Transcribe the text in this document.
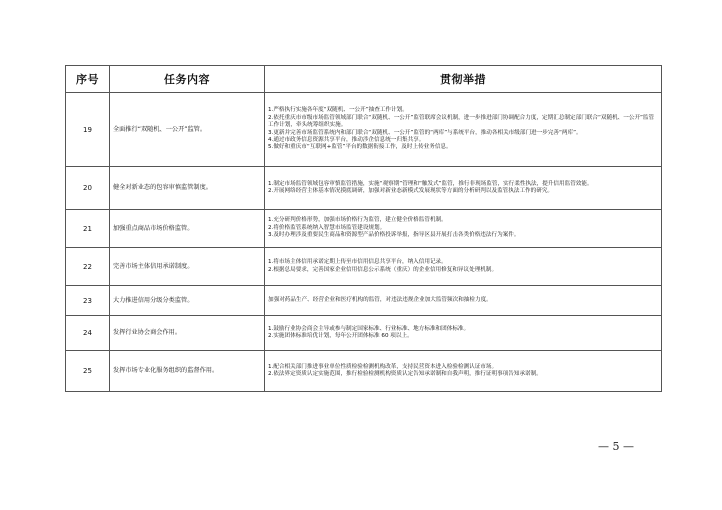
序号	任务内容	贯彻举措
19	全面推行“双随机、一公开”监管。	1.严格执行实施各年度“双随机、一公开”抽查工作计划。
2.依托重庆市市级市场监管领域部门联合“双随机、一公开”监管联席会议机制，进一步推进部门协调配合力度，定期汇总制定部门联合“双随机、一公开”监管工作计划，牵头统筹组织实施。
3.更新并完善市场监管系统内和部门联合“双随机、一公开”监管的“两库”与系统平台，推动各相关市级部门进一步完善“两库”。
4.通过市政务信息资源共享平台，推动涉企信息统一归集共享。
5.做好和重庆市“互联网+监管”平台的数据衔接工作，及时上传业务信息。

20	健全对新业态的包容审慎监管制度。	1.制定市场监管领域包容审慎监管措施，实施“观察期”管理和“触发式”监管，推行非现场监管，实行柔性执法，提升信用监管效能。
2.开展网络经营主体基本情况摸底调研，加强对新业态新模式发展现状等方面的分析研判以及监管执法工作的研究。

21	加强重点商品市场价格监管。	1.充分研判价格形势，加强市场价格行为监管，建立健全价格监管机制。
2.将价格监管系统纳入智慧市场监管建设规划。
3.及时办理涉及重要民生商品和资源型产品价格投诉举报，指导区县开展打击各类价格违法行为案件。

22	完善市场主体信用承诺制度。	1.将市场主体信用承诺定期上传至市信用信息共享平台，纳入信用记录。
2.根据总局要求，完善国家企业信用信息公示系统（重庆）的企业信用修复和异议处理机制。

23	大力推进信用分级分类监管。	加强对药品生产、经营企业和医疗机构的监管，对违法违规企业加大监管频次和抽检力度。

24	发挥行业协会商会作用。	1.鼓励行业协会商会主导或参与制定国家标准、行业标准、地方标准和团体标准。
2.实施团体标准培优计划，每年公开团体标准 60 项以上。

25	发挥市场专业化服务组织的监督作用。	1.配合相关部门推进事业单位性质检验检测机构改革，支持民营资本进入检验检测认证市场。
2.依法界定资质认定实施范围，推行检验检测机构资质认定告知承诺制和自我声明，推行证明事项告知承诺制。
— 5 —
